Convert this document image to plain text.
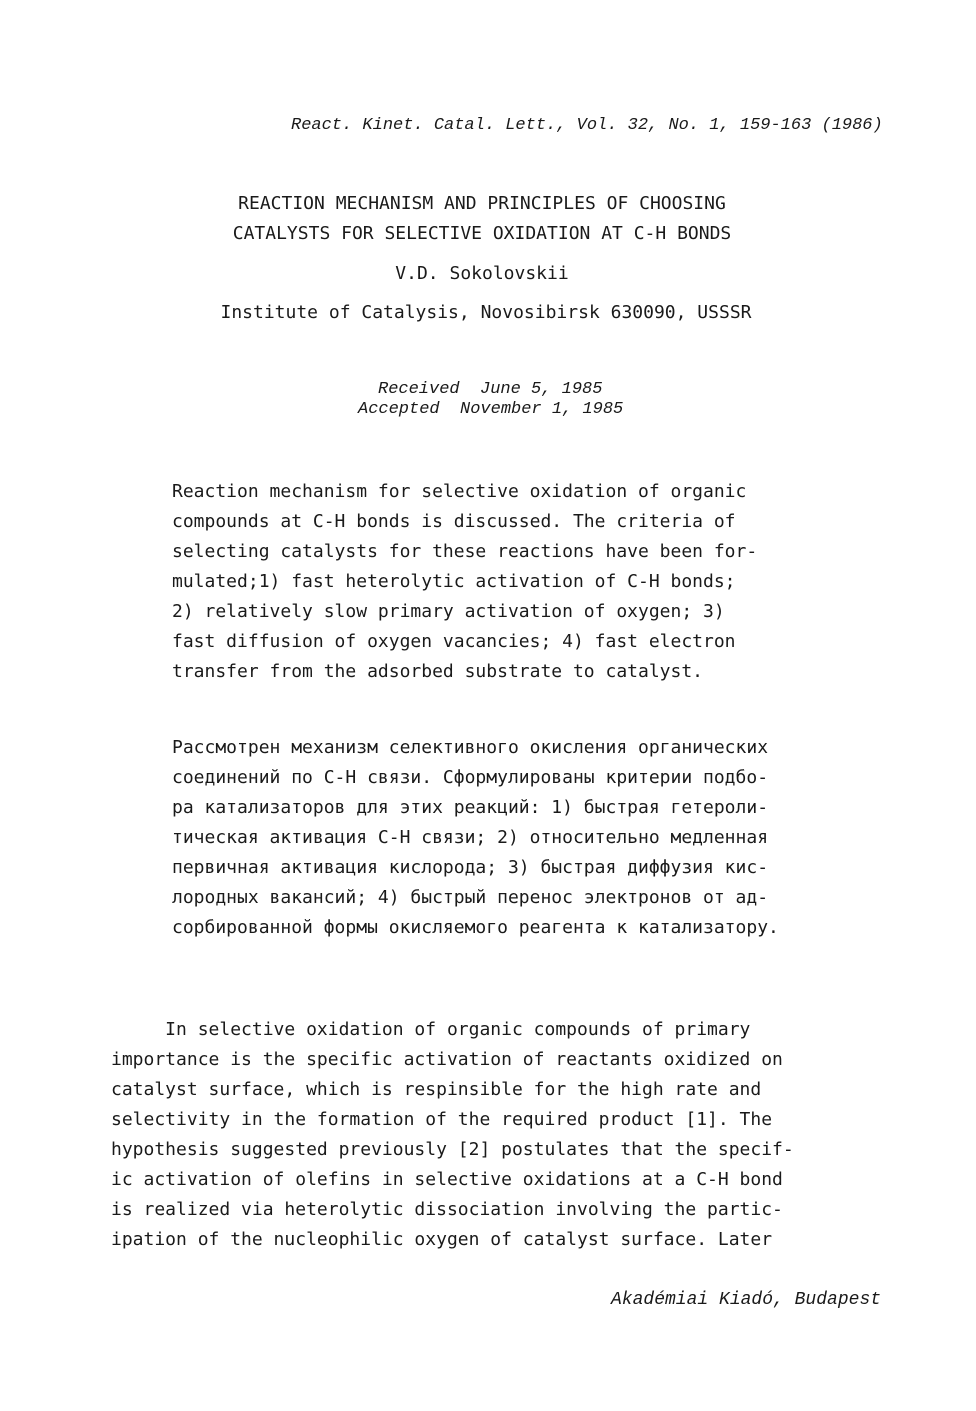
React. Kinet. Catal. Lett., Vol. 32, No. 1, 159-163 (1986)
REACTION MECHANISM AND PRINCIPLES OF CHOOSING
CATALYSTS FOR SELECTIVE OXIDATION AT C-H BONDS
V.D. Sokolovskii
Institute of Catalysis, Novosibirsk 630090, USSSR
Received  June 5, 1985
Accepted  November 1, 1985
Reaction mechanism for selective oxidation of organic
compounds at C-H bonds is discussed. The criteria of
selecting catalysts for these reactions have been for-
mulated;1) fast heterolytic activation of C-H bonds;
2) relatively slow primary activation of oxygen; 3)
fast diffusion of oxygen vacancies; 4) fast electron
transfer from the adsorbed substrate to catalyst.
Рассмотрен механизм селективного окисления органических
соединений по C-H связи. Сформулированы критерии подбо-
ра катализаторов для этих реакций: 1) быстрая гетероли-
тическая активация C-H связи; 2) относительно медленная
первичная активация кислорода; 3) быстрая диффузия кис-
лородных вакансий; 4) быстрый перенос электронов от ад-
сорбированной формы окисляемого реагента к катализатору.
In selective oxidation of organic compounds of primary
importance is the specific activation of reactants oxidized on
catalyst surface, which is respinsible for the high rate and
selectivity in the formation of the required product [1]. The
hypothesis suggested previously [2] postulates that the specif-
ic activation of olefins in selective oxidations at a C-H bond
is realized via heterolytic dissociation involving the partic-
ipation of the nucleophilic oxygen of catalyst surface. Later
Akadémiai Kiadó, Budapest
